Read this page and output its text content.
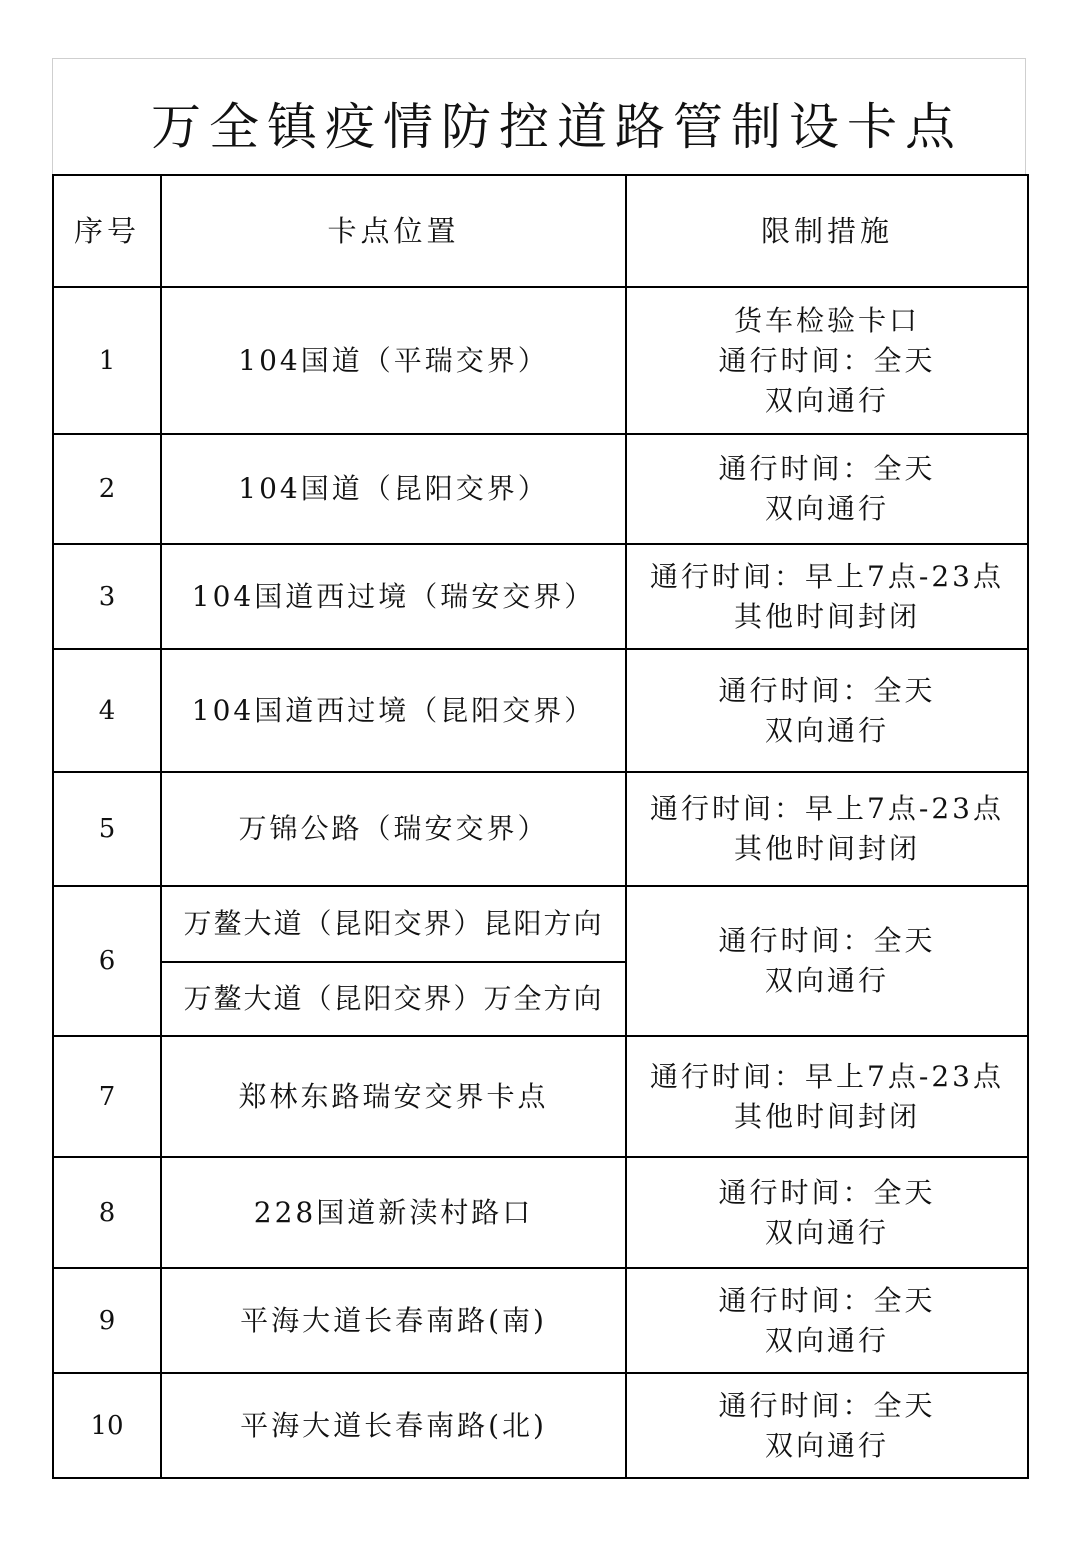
万全镇疫情防控道路管制设卡点
序号	卡点位置	限制措施
1	104国道（平瑞交界）	货车检验卡口
通行时间：全天
双向通行

2	104国道（昆阳交界）	通行时间：全天
双向通行

3	104国道西过境（瑞安交界）	通行时间：早上7点-23点
其他时间封闭

4	104国道西过境（昆阳交界）	通行时间：全天
双向通行

5	万锦公路（瑞安交界）	通行时间：早上7点-23点
其他时间封闭

6	万鳌大道（昆阳交界）昆阳方向	通行时间：全天
双向通行

	万鳌大道（昆阳交界）万全方向	
7	郑林东路瑞安交界卡点	通行时间：早上7点-23点
其他时间封闭

8	228国道新渎村路口	通行时间：全天
双向通行

9	平海大道长春南路(南)	通行时间：全天
双向通行

10	平海大道长春南路(北)	通行时间：全天
双向通行
